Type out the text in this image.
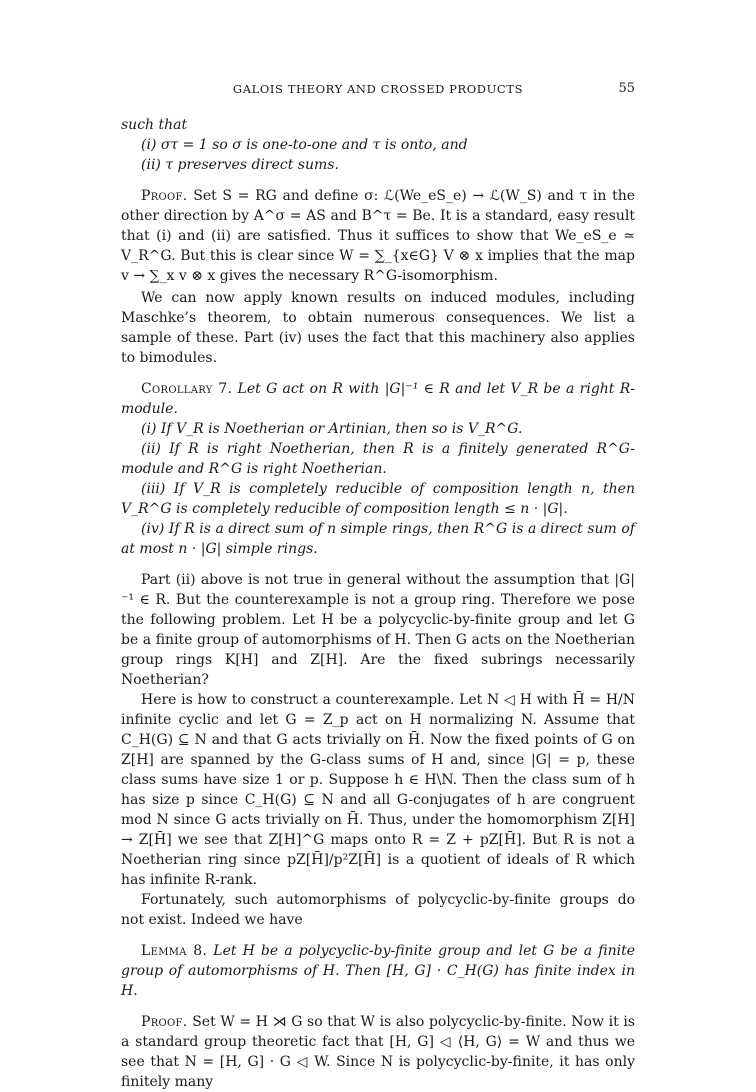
GALOIS THEORY AND CROSSED PRODUCTS	55

such that

(i) στ = 1 so σ is one-to-one and τ is onto, and

(ii) τ preserves direct sums.

Proof. Set S = RG and define σ: ℒ(We_eS_e) → ℒ(W_S) and τ in the other direction by A^σ = AS and B^τ = Be. It is a standard, easy result that (i) and (ii) are satisfied. Thus it suffices to show that We_eS_e ≃ V_R^G. But this is clear since W = ∑_{x∈G} V ⊗ x implies that the map v → ∑_x v ⊗ x gives the necessary R^G-isomorphism.

We can now apply known results on induced modules, including Maschke’s theorem, to obtain numerous consequences. We list a sample of these. Part (iv) uses the fact that this machinery also applies to bimodules.

Corollary 7. Let G act on R with |G|⁻¹ ∈ R and let V_R be a right R-module.

(i) If V_R is Noetherian or Artinian, then so is V_R^G.

(ii) If R is right Noetherian, then R is a finitely generated R^G-module and R^G is right Noetherian.

(iii) If V_R is completely reducible of composition length n, then V_R^G is completely reducible of composition length ≤ n · |G|.

(iv) If R is a direct sum of n simple rings, then R^G is a direct sum of at most n · |G| simple rings.

Part (ii) above is not true in general without the assumption that |G|⁻¹ ∈ R. But the counterexample is not a group ring. Therefore we pose the following problem. Let H be a polycyclic-by-finite group and let G be a finite group of automorphisms of H. Then G acts on the Noetherian group rings K[H] and Z[H]. Are the fixed subrings necessarily Noetherian?

Here is how to construct a counterexample. Let N ◁ H with H̄ = H/N infinite cyclic and let G = Z_p act on H normalizing N. Assume that C_H(G) ⊆ N and that G acts trivially on H̄. Now the fixed points of G on Z[H] are spanned by the G-class sums of H and, since |G| = p, these class sums have size 1 or p. Suppose h ∈ H\N. Then the class sum of h has size p since C_H(G) ⊆ N and all G-conjugates of h are congruent mod N since G acts trivially on H̄. Thus, under the homomorphism Z[H] → Z[H̄] we see that Z[H]^G maps onto R = Z + pZ[H̄]. But R is not a Noetherian ring since pZ[H̄]/p²Z[H̄] is a quotient of ideals of R which has infinite R-rank.

Fortunately, such automorphisms of polycyclic-by-finite groups do not exist. Indeed we have

Lemma 8. Let H be a polycyclic-by-finite group and let G be a finite group of automorphisms of H. Then [H, G] · C_H(G) has finite index in H.

Proof. Set W = H ⋊ G so that W is also polycyclic-by-finite. Now it is a standard group theoretic fact that [H, G] ◁ ⟨H, G⟩ = W and thus we see that N = [H, G] · G ◁ W. Since N is polycyclic-by-finite, it has only finitely many
